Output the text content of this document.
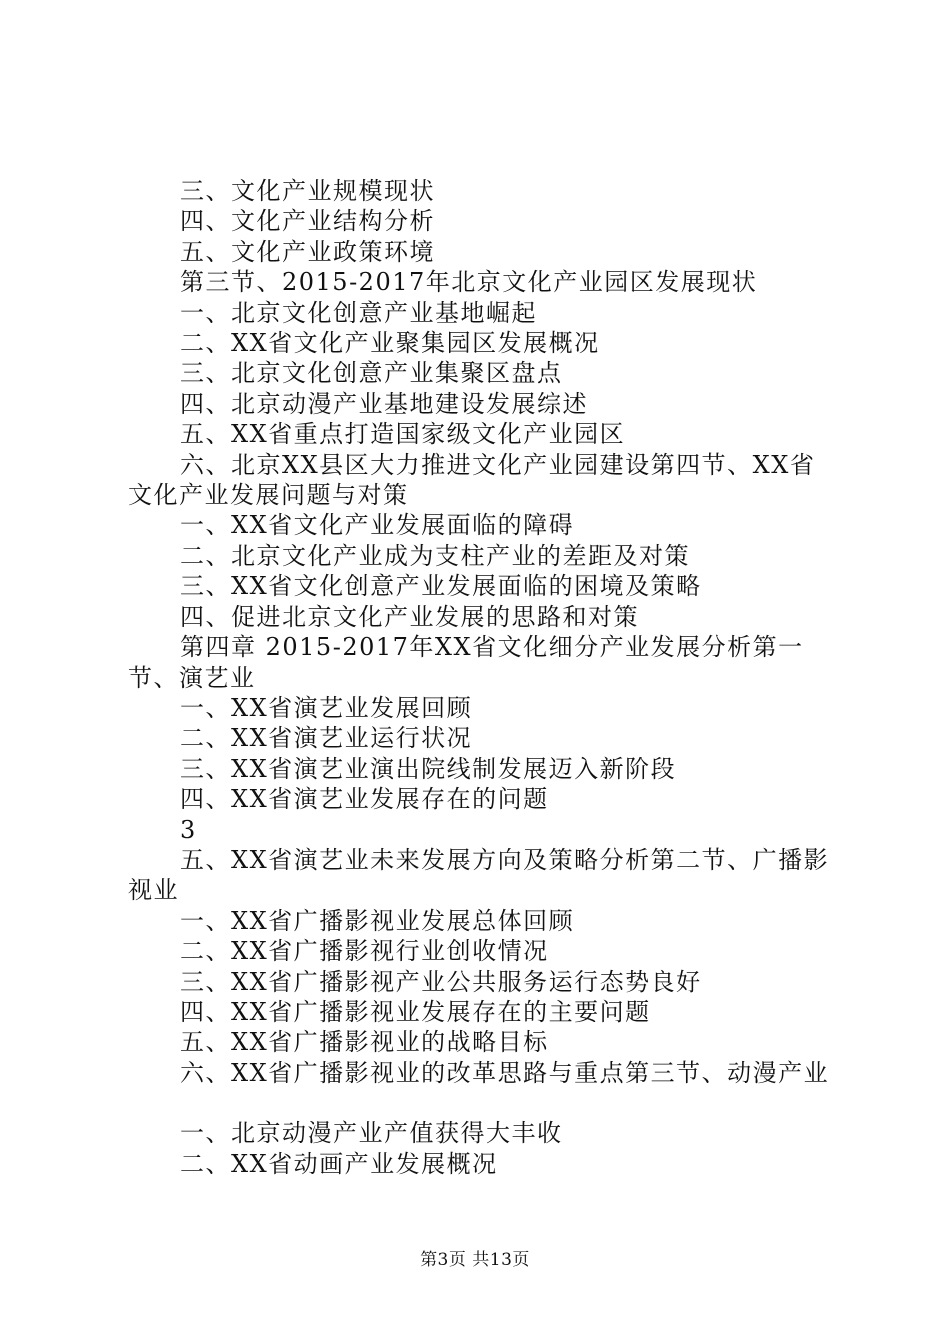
三、文化产业规模现状
四、文化产业结构分析
五、文化产业政策环境
第三节、2015-2017年北京文化产业园区发展现状
一、北京文化创意产业基地崛起
二、XX省文化产业聚集园区发展概况
三、北京文化创意产业集聚区盘点
四、北京动漫产业基地建设发展综述
五、XX省重点打造国家级文化产业园区
六、北京XX县区大力推进文化产业园建设第四节、XX省文化产业发展问题与对策
一、XX省文化产业发展面临的障碍
二、北京文化产业成为支柱产业的差距及对策
三、XX省文化创意产业发展面临的困境及策略
四、促进北京文化产业发展的思路和对策
第四章 2015-2017年XX省文化细分产业发展分析第一节、演艺业
一、XX省演艺业发展回顾
二、XX省演艺业运行状况
三、XX省演艺业演出院线制发展迈入新阶段
四、XX省演艺业发展存在的问题
3
五、XX省演艺业未来发展方向及策略分析第二节、广播影视业
一、XX省广播影视业发展总体回顾
二、XX省广播影视行业创收情况
三、XX省广播影视产业公共服务运行态势良好
四、XX省广播影视业发展存在的主要问题
五、XX省广播影视业的战略目标
六、XX省广播影视业的改革思路与重点第三节、动漫产业
一、北京动漫产业产值获得大丰收
二、XX省动画产业发展概况
第3页 共13页
